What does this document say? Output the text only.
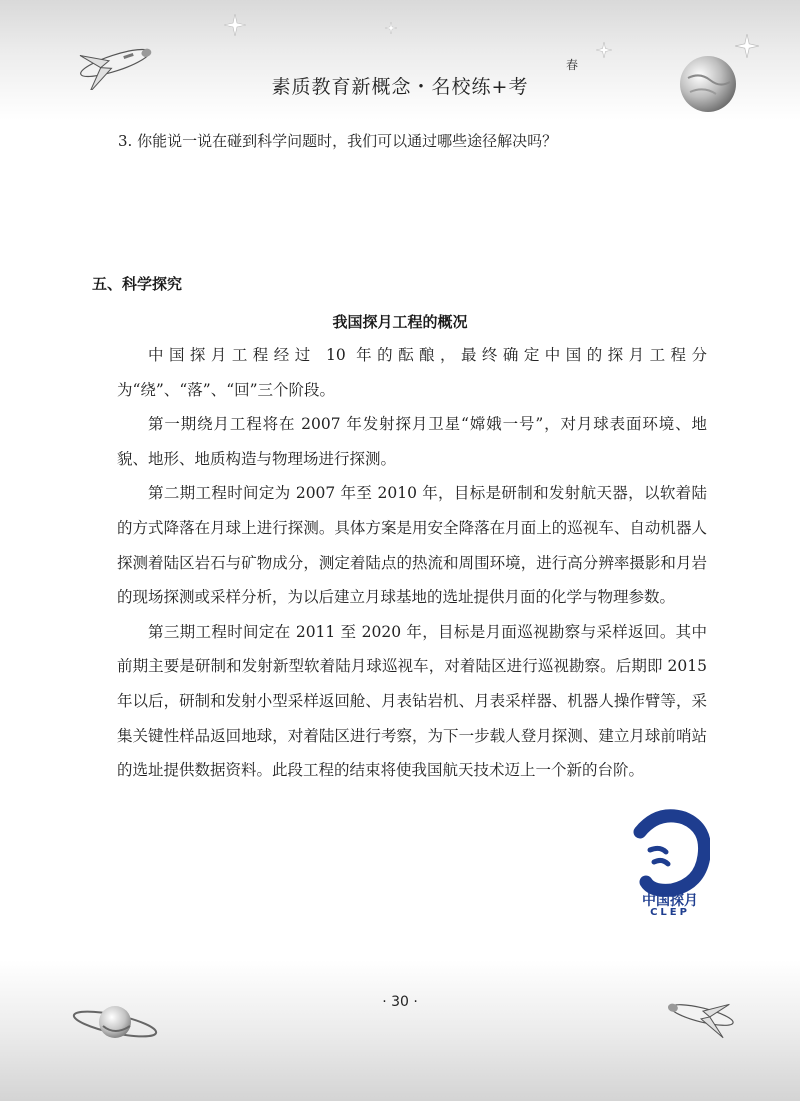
春
素质教育新概念・名校练+考
3. 你能说一说在碰到科学问题时，我们可以通过哪些途径解决吗？
五、科学探究
我国探月工程的概况

中国探月工程经过 10 年的酝酿，最终确定中国的探月工程分为“绕”、“落”、“回”三个阶段。

第一期绕月工程将在 2007 年发射探月卫星“嫦娥一号”，对月球表面环境、地貌、地形、地质构造与物理场进行探测。

第二期工程时间定为 2007 年至 2010 年，目标是研制和发射航天器，以软着陆的方式降落在月球上进行探测。具体方案是用安全降落在月面上的巡视车、自动机器人探测着陆区岩石与矿物成分，测定着陆点的热流和周围环境，进行高分辨率摄影和月岩的现场探测或采样分析，为以后建立月球基地的选址提供月面的化学与物理参数。

第三期工程时间定在 2011 至 2020 年，目标是月面巡视勘察与采样返回。其中前期主要是研制和发射新型软着陆月球巡视车，对着陆区进行巡视勘察。后期即 2015 年以后，研制和发射小型采样返回舱、月表钻岩机、月表采样器、机器人操作臂等，采集关键性样品返回地球，对着陆区进行考察，为下一步载人登月探测、建立月球前哨站的选址提供数据资料。此段工程的结束将使我国航天技术迈上一个新的台阶。

中国探月
CLEP
· 30 ·
